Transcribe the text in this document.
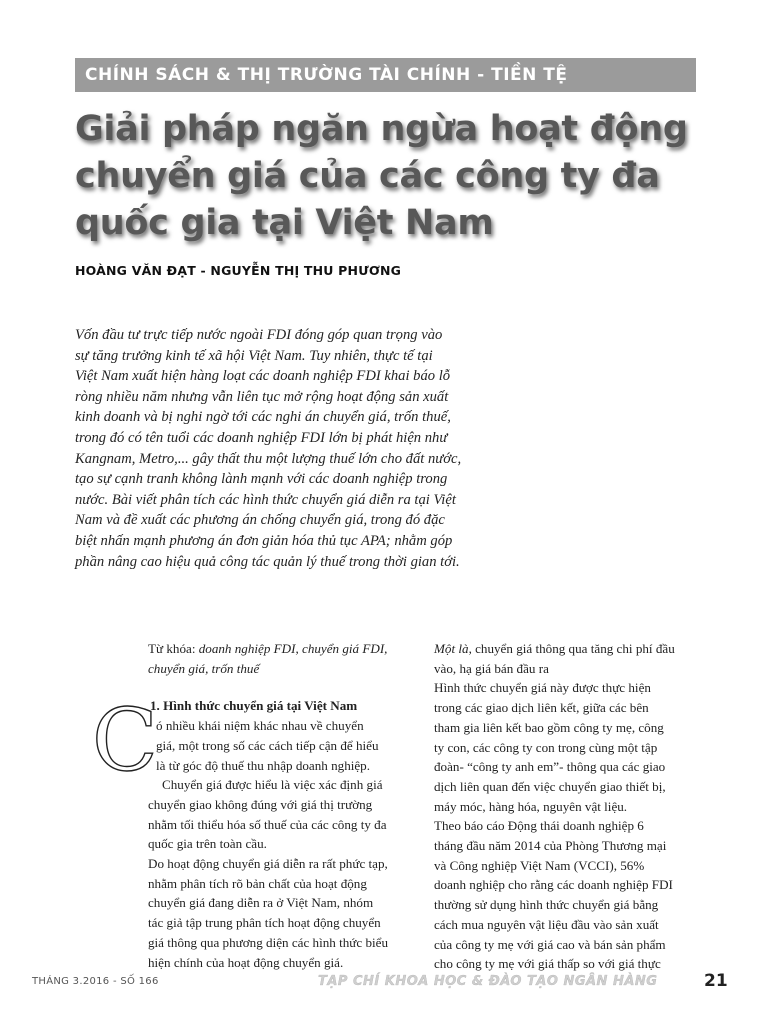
CHÍNH SÁCH & THỊ TRƯỜNG TÀI CHÍNH - TIỀN TỆ
Giải pháp ngăn ngừa hoạt động
chuyển giá của các công ty đa
quốc gia tại Việt Nam
HOÀNG VĂN ĐẠT - NGUYỄN THỊ THU PHƯƠNG

Vốn đầu tư trực tiếp nước ngoài FDI đóng góp quan trọng vào

sự tăng trưởng kinh tế xã hội Việt Nam. Tuy nhiên, thực tế tại

Việt Nam xuất hiện hàng loạt các doanh nghiệp FDI khai báo lỗ

ròng nhiều năm nhưng vẫn liên tục mở rộng hoạt động sản xuất

kinh doanh và bị nghi ngờ tới các nghi án chuyển giá, trốn thuế,

trong đó có tên tuổi các doanh nghiệp FDI lớn bị phát hiện như

Kangnam, Metro,... gây thất thu một lượng thuế lớn cho đất nước,

tạo sự cạnh tranh không lành mạnh với các doanh nghiệp trong

nước. Bài viết phân tích các hình thức chuyển giá diễn ra tại Việt

Nam và đề xuất các phương án chống chuyển giá, trong đó đặc

biệt nhấn mạnh phương án đơn giản hóa thủ tục APA; nhằm góp

phần nâng cao hiệu quả công tác quản lý thuế trong thời gian tới.

Từ khóa: doanh nghiệp FDI, chuyển giá FDI,
chuyển giá, trốn thuế
1. Hình thức chuyển giá tại Việt Nam
C
ó nhiều khái niệm khác nhau về chuyển
giá, một trong số các cách tiếp cận để hiểu
là từ góc độ thuế thu nhập doanh nghiệp.
Chuyển giá được hiểu là việc xác định giá
chuyển giao không đúng với giá thị trường
nhằm tối thiểu hóa số thuế của các công ty đa
quốc gia trên toàn cầu.
Do hoạt động chuyển giá diễn ra rất phức tạp,
nhằm phân tích rõ bản chất của hoạt động
chuyển giá đang diễn ra ở Việt Nam, nhóm
tác giả tập trung phân tích hoạt động chuyển
giá thông qua phương diện các hình thức biểu
hiện chính của hoạt động chuyển giá.
Một là, chuyển giá thông qua tăng chi phí đầu
vào, hạ giá bán đầu ra
Hình thức chuyển giá này được thực hiện
trong các giao dịch liên kết, giữa các bên
tham gia liên kết bao gồm công ty mẹ, công
ty con, các công ty con trong cùng một tập
đoàn- “công ty anh em”- thông qua các giao
dịch liên quan đến việc chuyển giao thiết bị,
máy móc, hàng hóa, nguyên vật liệu.
Theo báo cáo Động thái doanh nghiệp 6
tháng đầu năm 2014 của Phòng Thương mại
và Công nghiệp Việt Nam (VCCI), 56%
doanh nghiệp cho rằng các doanh nghiệp FDI
thường sử dụng hình thức chuyển giá bằng
cách mua nguyên vật liệu đầu vào sản xuất
của công ty mẹ với giá cao và bán sản phẩm
cho công ty mẹ với giá thấp so với giá thực
THÁNG 3.2016 - SỐ 166	TẠP CHÍ KHOA HỌC & ĐÀO TẠO NGÂN HÀNG	21
